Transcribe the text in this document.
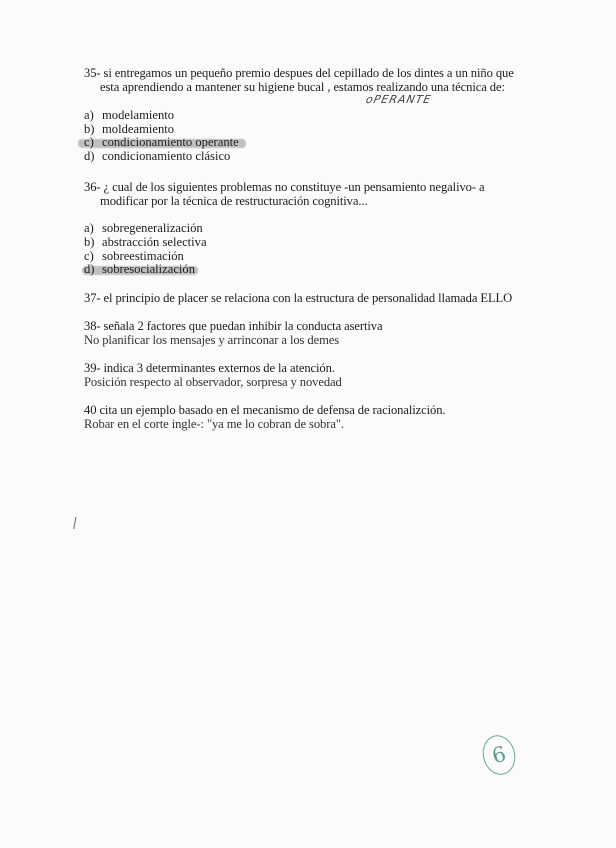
35- si entregamos un pequeño premio despues del cepillado de los dintes a un niño que
esta aprendiendo a mantener su higiene bucal , estamos realizando una técnica de:
oPERANTE
a) modelamiento
b) moldeamiento
c) condicionamiento operante
d) condicionamiento clásico
36- ¿ cual de los siguientes problemas no constituye -un pensamiento negalivo- a
modificar por la técnica de restructuración cognitiva...
a) sobregeneralización
b) abstracción selectiva
c) sobreestimación
d) sobresocialización
37- el principio de placer se relaciona con la estructura de personalidad llamada ELLO
38- señala 2 factores que puedan inhibir la conducta asertiva
No planificar los mensajes y arrinconar a los demes
39- indica 3 determinantes externos de la atención.
Posición respecto al observador, sorpresa y novedad
40 cita un ejemplo basado en el mecanismo de defensa de racionalizción.
Robar en el corte ingle-: "ya me lo cobran de sobra".
⁄
6
